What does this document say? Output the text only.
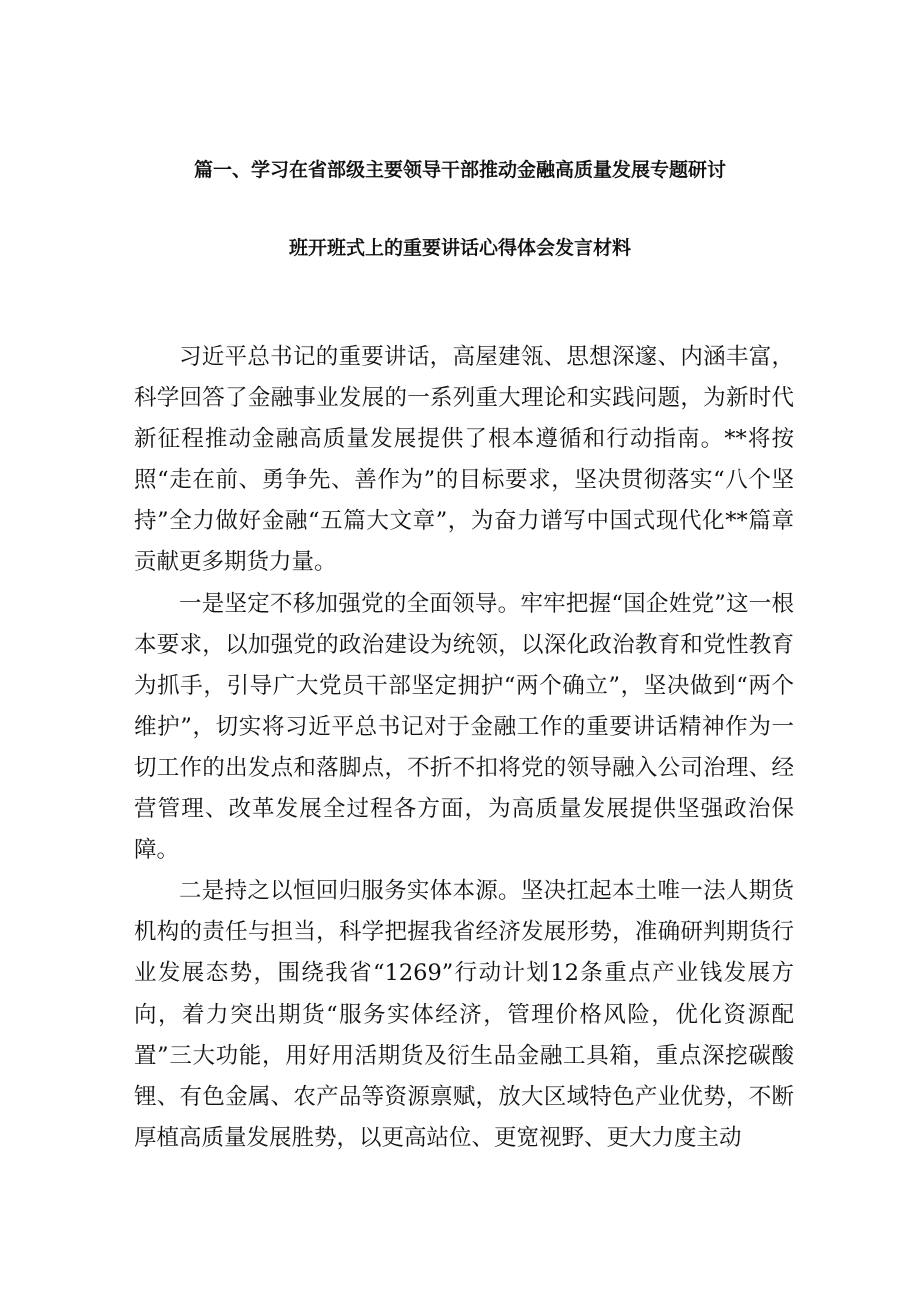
篇一、学习在省部级主要领导干部推动金融高质量发展专题研讨
班开班式上的重要讲话心得体会发言材料

习近平总书记的重要讲话，高屋建瓴、思想深邃、内涵丰富，科学回答了金融事业发展的一系列重大理论和实践问题，为新时代新征程推动金融高质量发展提供了根本遵循和行动指南。**将按照“走在前、勇争先、善作为”的目标要求，坚决贯彻落实“八个坚持”全力做好金融“五篇大文章”，为奋力谱写中国式现代化**篇章贡献更多期货力量。

一是坚定不移加强党的全面领导。牢牢把握“国企姓党”这一根本要求，以加强党的政治建设为统领，以深化政治教育和党性教育为抓手，引导广大党员干部坚定拥护“两个确立”，坚决做到“两个维护”，切实将习近平总书记对于金融工作的重要讲话精神作为一切工作的出发点和落脚点，不折不扣将党的领导融入公司治理、经营管理、改革发展全过程各方面，为高质量发展提供坚强政治保障。

二是持之以恒回归服务实体本源。坚决扛起本土唯一法人期货机构的责任与担当，科学把握我省经济发展形势，准确研判期货行业发展态势，围绕我省“1269”行动计划12条重点产业钱发展方向，着力突出期货“服务实体经济，管理价格风险，优化资源配置”三大功能，用好用活期货及衍生品金融工具箱，重点深挖碳酸锂、有色金属、农产品等资源禀赋，放大区域特色产业优势，不断厚植高质量发展胜势，以更高站位、更宽视野、更大力度主动
